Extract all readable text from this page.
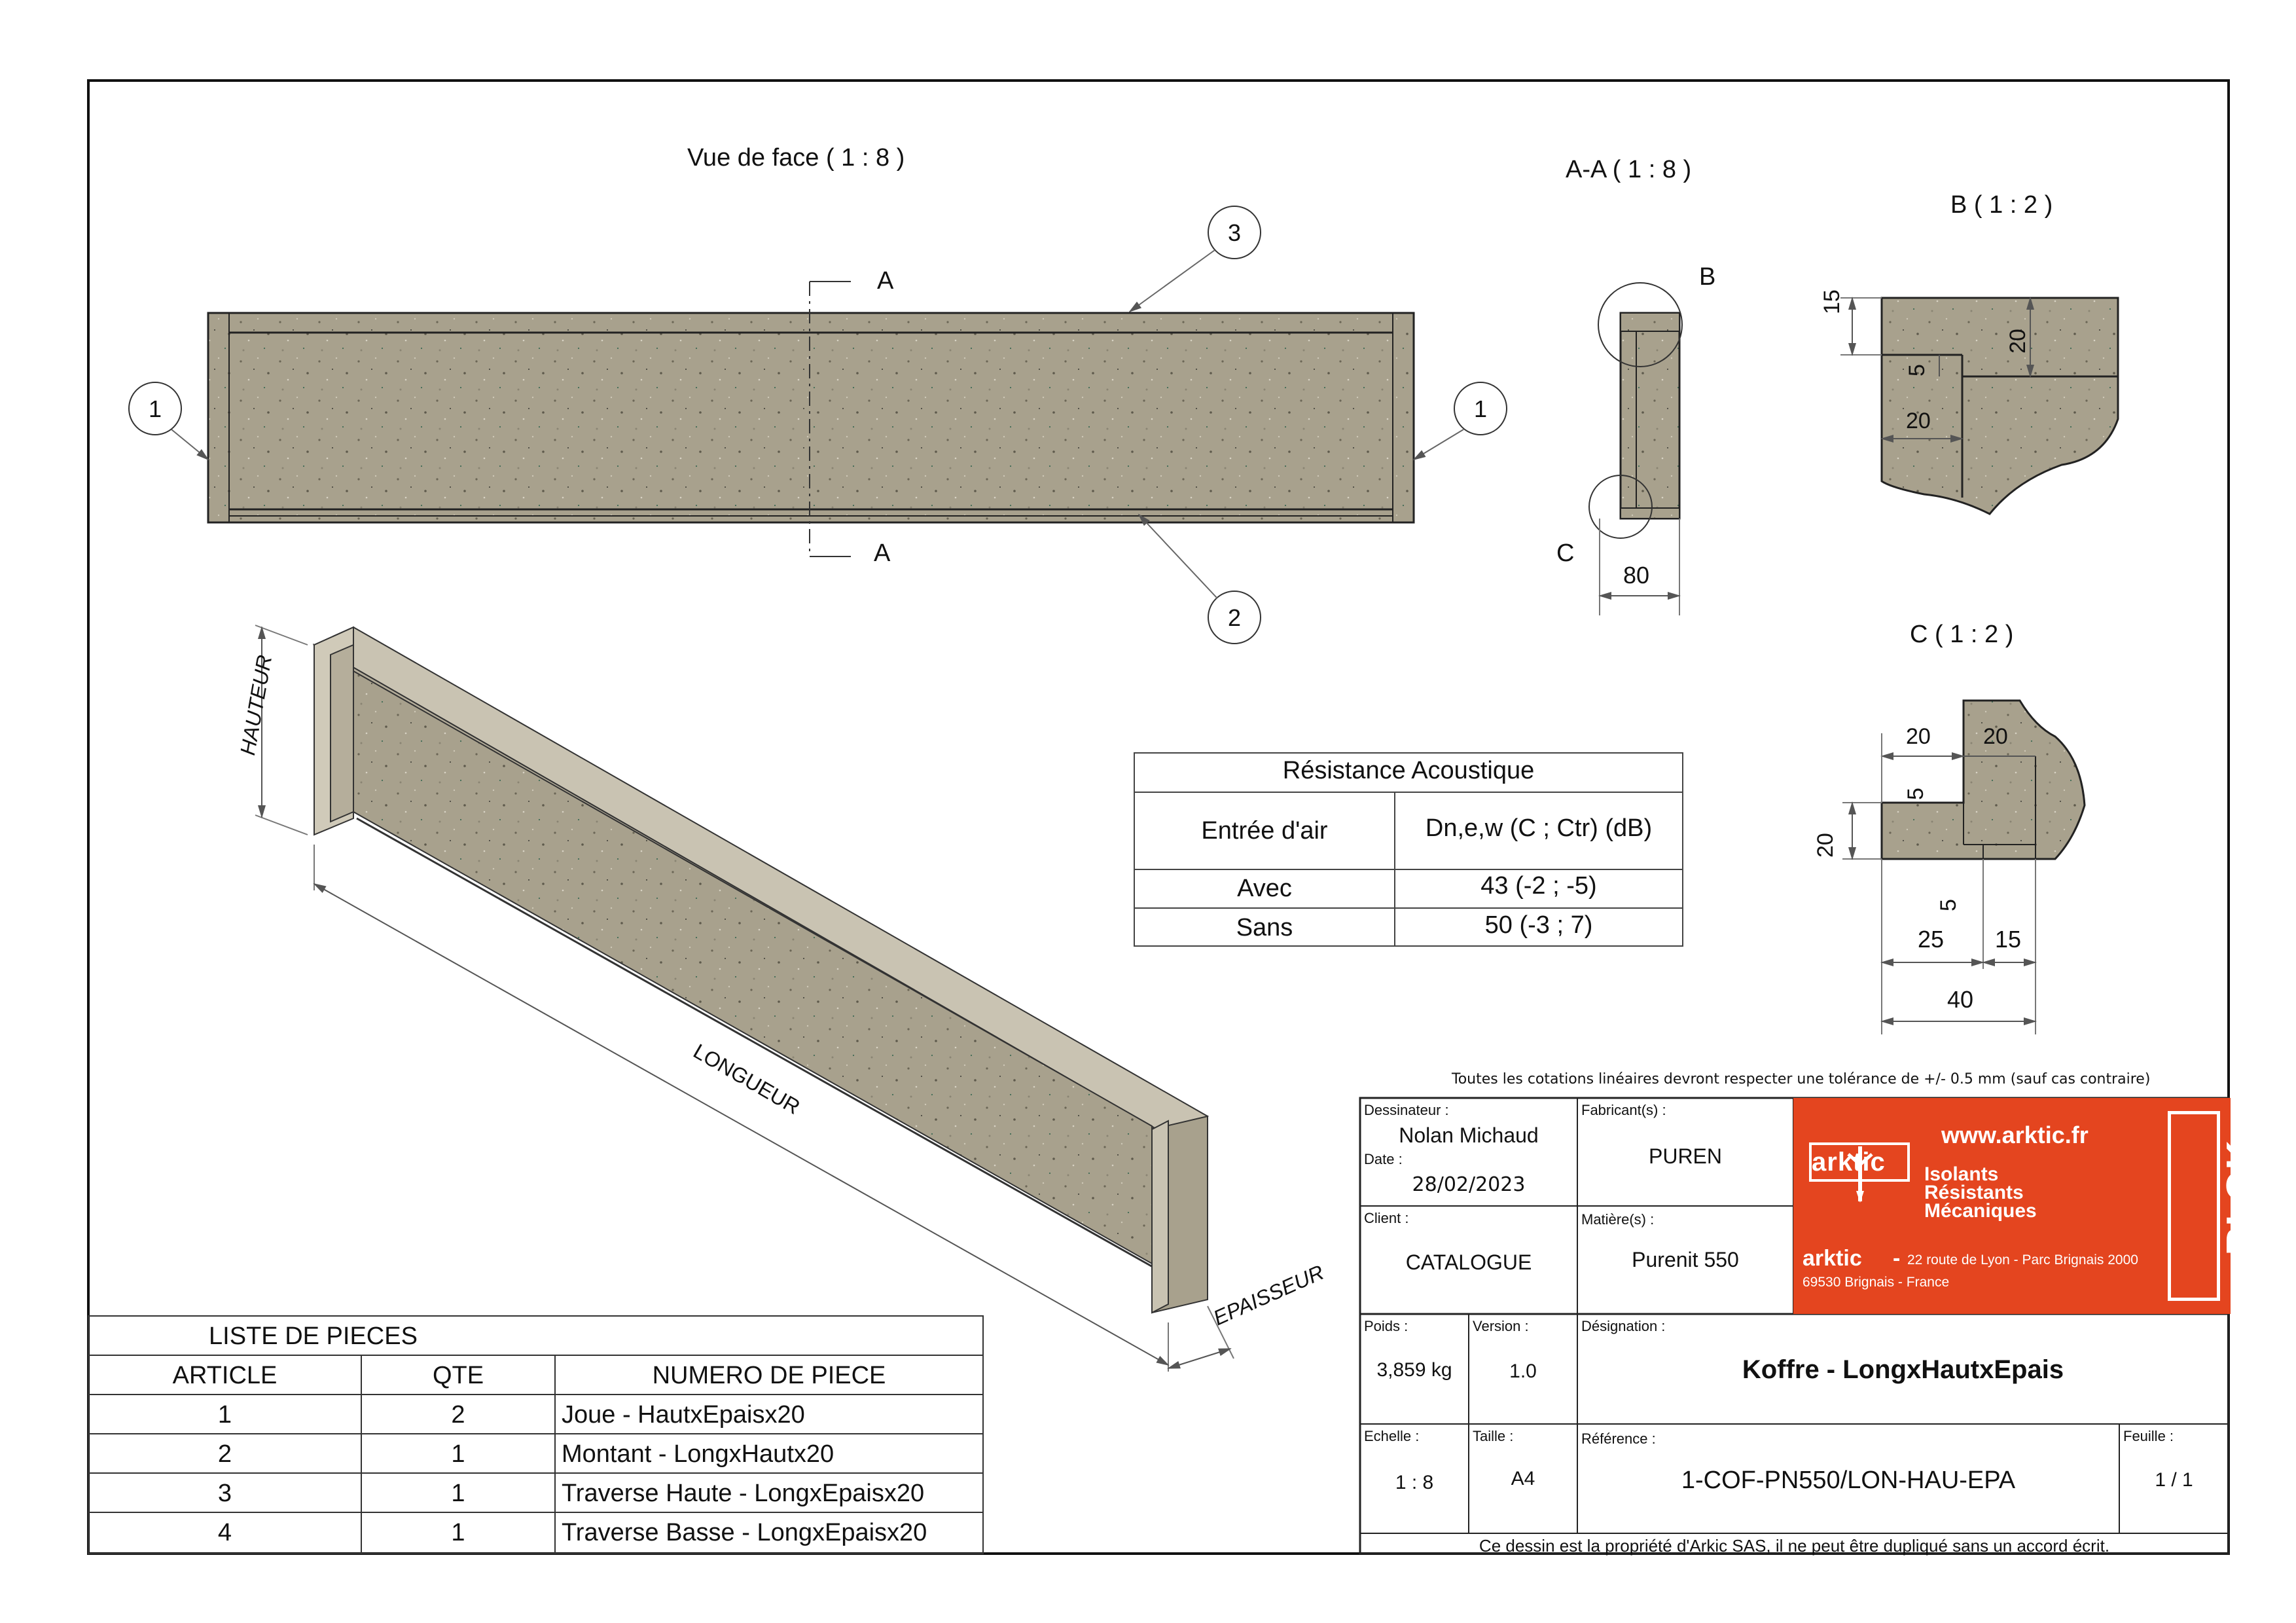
Vue de face ( 1 : 8 )	A-A ( 1 : 8 )
B ( 1 : 2 )
C ( 1 : 2 )
A
A
1	1
3
2
B
C
80
15
20
5
20
20 20
5
20
5
25 15
40
HAUTEUR
LONGUEUR
EPAISSEUR
Résistance Acoustique
Entrée d'air	Dn,e,w (C ; Ctr) (dB)
Avec	43 (-2 ; -5)
Sans	50 (-3 ; 7)
LISTE DE PIECES
ARTICLE	QTE	NUMERO DE PIECE
1	2	Joue - HautxEpaisx20
2	1	Montant - LongxHautx20
3	1	Traverse Haute - LongxEpaisx20
4	1	Traverse Basse - LongxEpaisx20
Toutes les cotations linéaires devront respecter une tolérance de +/- 0.5 mm (sauf cas contraire)
Dessinateur :
Nolan Michaud
Date :
28/02/2023
Fabricant(s) :
PUREN
Client :
CATALOGUE
Matière(s) :
Purenit 550
Poids :
3,859 kg
Version :
1.0
Désignation :
Koffre - LongxHautxEpais
Echelle :
1 : 8
Taille :
A4
Référence :
1-COF-PN550/LON-HAU-EPA
Feuille :
1 / 1
Ce dessin est la propriété d'Arkic SAS, il ne peut être dupliqué sans un accord écrit.
arktic
www.arktic.fr
Isolants
Résistants
Mécaniques
arktic - 22 route de Lyon - Parc Brignais 2000
69530 Brignais - France
BLOK
